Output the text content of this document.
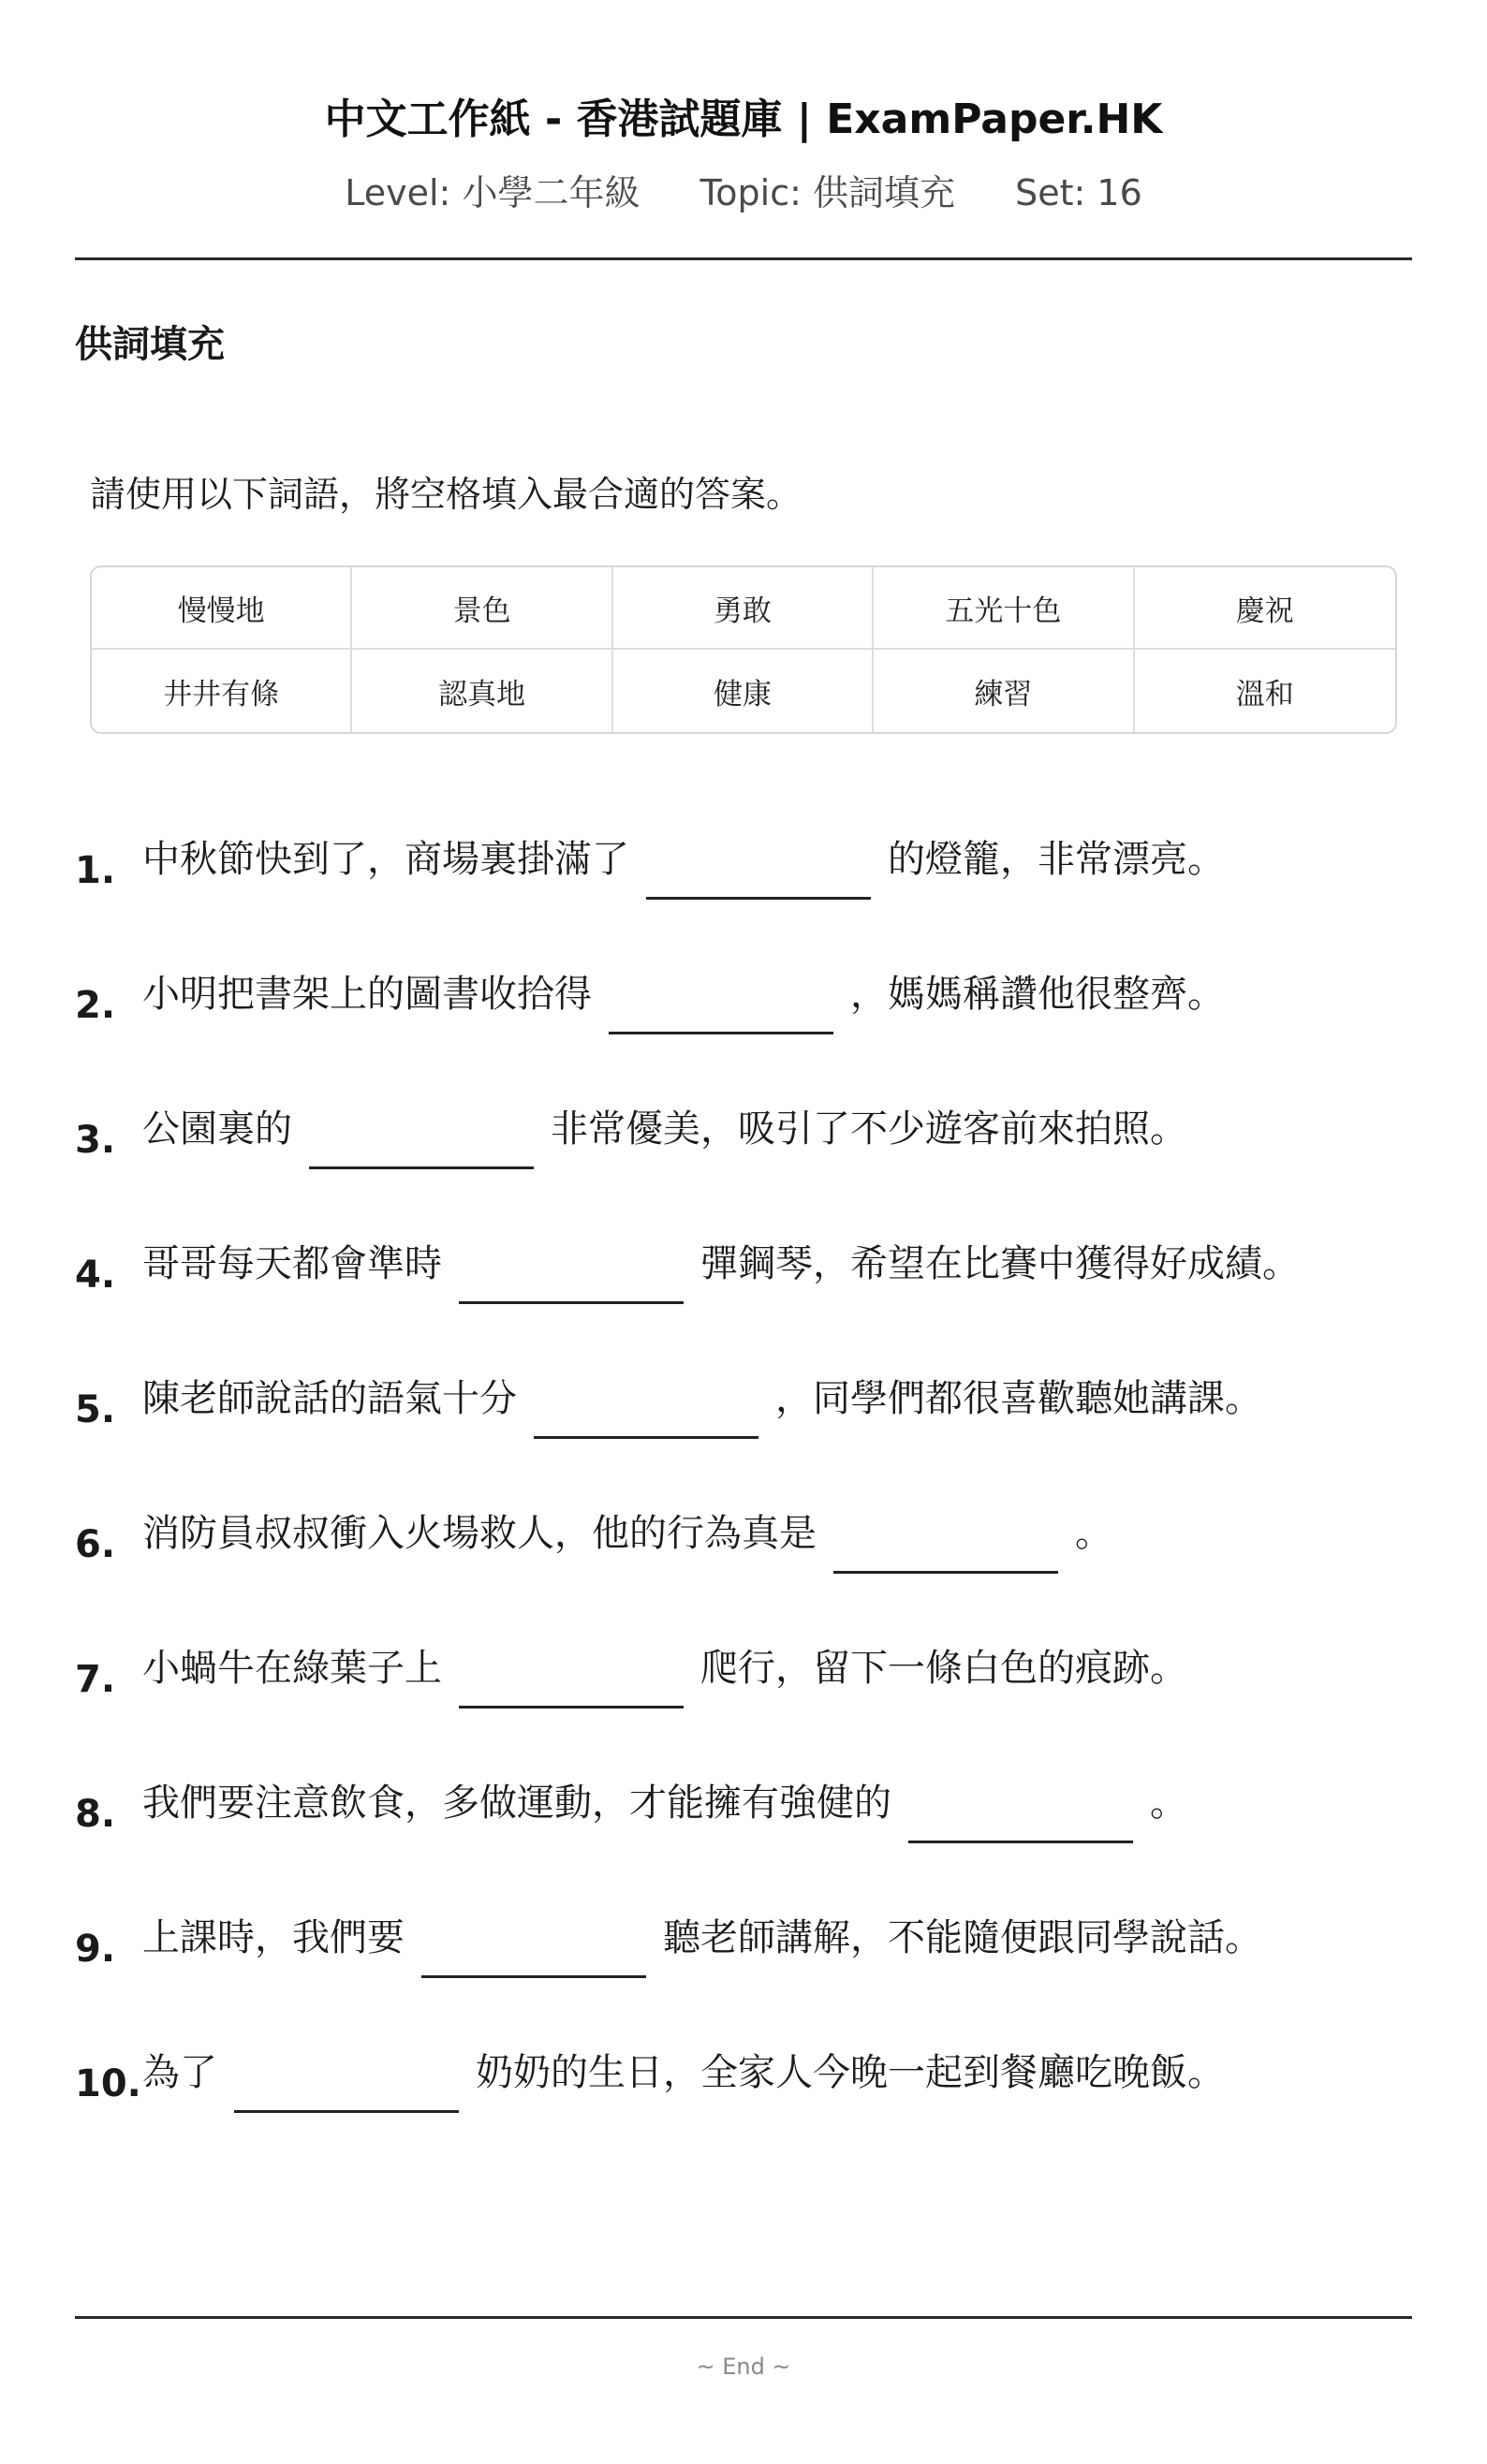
中文工作紙 - 香港試題庫 | ExamPaper.HK
Level: 小學二年級 Topic: 供詞填充 Set: 16
供詞填充
請使用以下詞語，將空格填入最合適的答案。
慢慢地	景色	勇敢	五光十色	慶祝
井井有條	認真地	健康	練習	溫和
1. 中秋節快到了，商場裏掛滿了	的燈籠，非常漂亮。
2. 小明把書架上的圖書收拾得	，媽媽稱讚他很整齊。
3. 公園裏的	非常優美，吸引了不少遊客前來拍照。
4. 哥哥每天都會準時	彈鋼琴，希望在比賽中獲得好成績。
5. 陳老師說話的語氣十分	，同學們都很喜歡聽她講課。
6. 消防員叔叔衝入火場救人，他的行為真是	。
7. 小蝸牛在綠葉子上	爬行，留下一條白色的痕跡。
8. 我們要注意飲食，多做運動，才能擁有強健的	。
9. 上課時，我們要	聽老師講解，不能隨便跟同學說話。
10. 為了	奶奶的生日，全家人今晚一起到餐廳吃晚飯。
~ End ~
